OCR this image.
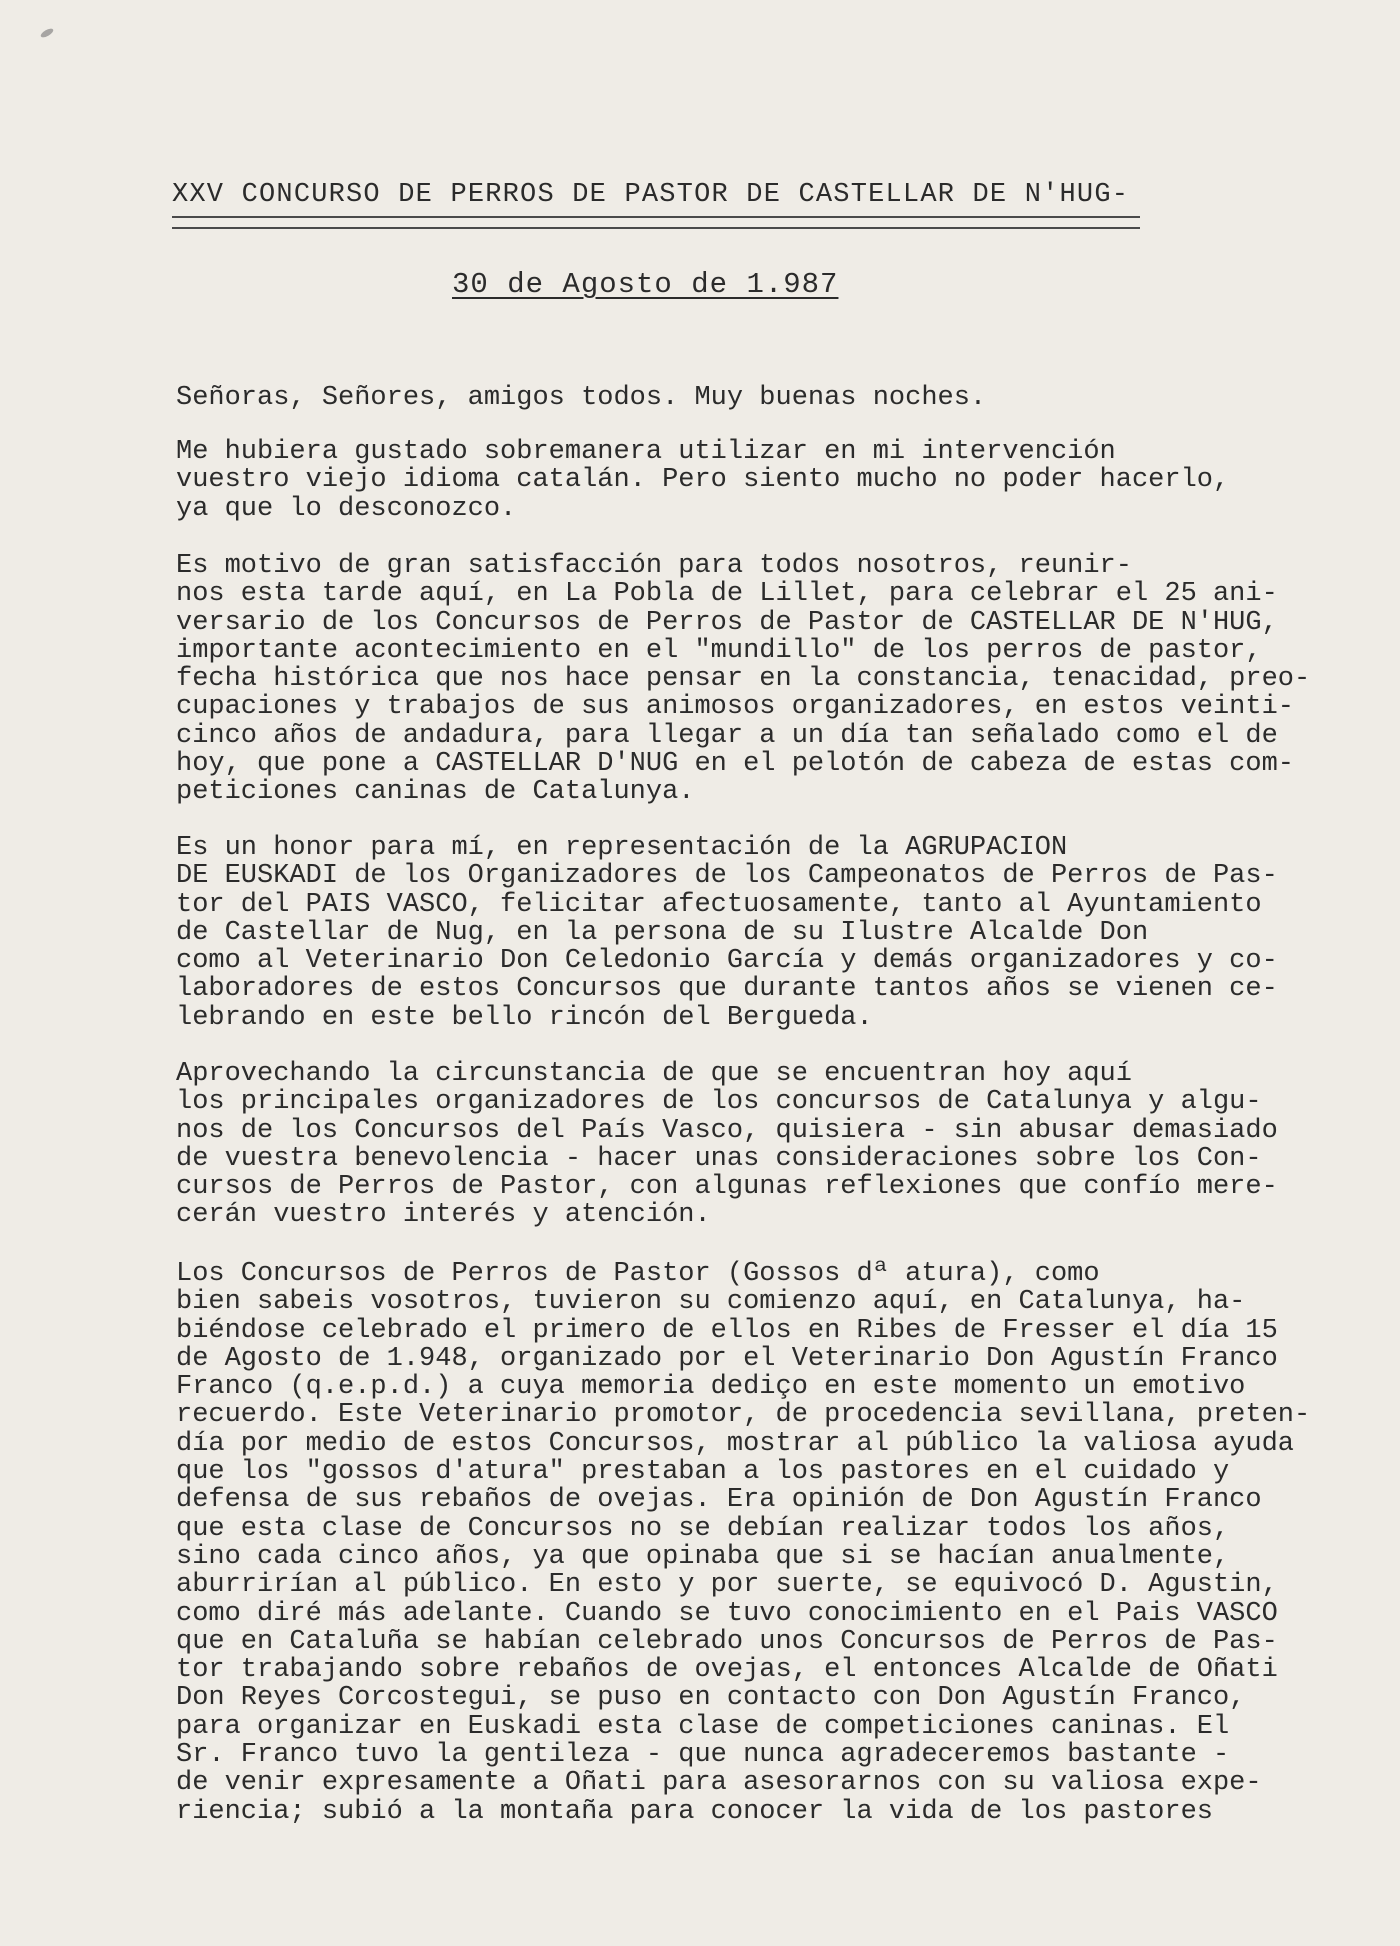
XXV CONCURSO DE PERROS DE PASTOR DE CASTELLAR DE N'HUG-
30 de Agosto de 1.987
Señoras, Señores, amigos todos. Muy buenas noches.

Me hubiera gustado sobremanera utilizar en mi intervención
vuestro viejo idioma catalán. Pero siento mucho no poder hacerlo,
ya que lo desconozco.

Es motivo de gran satisfacción para todos nosotros, reunir-
nos esta tarde aquí, en La Pobla de Lillet, para celebrar el 25 ani-
versario de los Concursos de Perros de Pastor de CASTELLAR DE N'HUG,
importante acontecimiento en el "mundillo" de los perros de pastor,
fecha histórica que nos hace pensar en la constancia, tenacidad, preo-
cupaciones y trabajos de sus animosos organizadores, en estos veinti-
cinco años de andadura, para llegar a un día tan señalado como el de
hoy, que pone a CASTELLAR D'NUG en el pelotón de cabeza de estas com-
peticiones caninas de Catalunya.

Es un honor para mí, en representación de la AGRUPACION
DE EUSKADI de los Organizadores de los Campeonatos de Perros de Pas-
tor del PAIS VASCO, felicitar afectuosamente, tanto al Ayuntamiento
de Castellar de Nug, en la persona de su Ilustre Alcalde Don
como al Veterinario Don Celedonio García y demás organizadores y co-
laboradores de estos Concursos que durante tantos años se vienen ce-
lebrando en este bello rincón del Bergueda.

Aprovechando la circunstancia de que se encuentran hoy aquí
los principales organizadores de los concursos de Catalunya y algu-
nos de los Concursos del País Vasco, quisiera - sin abusar demasiado
de vuestra benevolencia - hacer unas consideraciones sobre los Con-
cursos de Perros de Pastor, con algunas reflexiones que confío mere-
cerán vuestro interés y atención.

Los Concursos de Perros de Pastor (Gossos dª atura), como
bien sabeis vosotros, tuvieron su comienzo aquí, en Catalunya, ha-
biéndose celebrado el primero de ellos en Ribes de Fresser el día 15
de Agosto de 1.948, organizado por el Veterinario Don Agustín Franco
Franco (q.e.p.d.) a cuya memoria dediço en este momento un emotivo
recuerdo. Este Veterinario promotor, de procedencia sevillana, preten-
día por medio de estos Concursos, mostrar al público la valiosa ayuda
que los "gossos d'atura" prestaban a los pastores en el cuidado y
defensa de sus rebaños de ovejas. Era opinión de Don Agustín Franco
que esta clase de Concursos no se debían realizar todos los años,
sino cada cinco años, ya que opinaba que si se hacían anualmente,
aburrirían al público. En esto y por suerte, se equivocó D. Agustin,
como diré más adelante. Cuando se tuvo conocimiento en el Pais VASCO
que en Cataluña se habían celebrado unos Concursos de Perros de Pas-
tor trabajando sobre rebaños de ovejas, el entonces Alcalde de Oñati
Don Reyes Corcostegui, se puso en contacto con Don Agustín Franco,
para organizar en Euskadi esta clase de competiciones caninas. El
Sr. Franco tuvo la gentileza - que nunca agradeceremos bastante -
de venir expresamente a Oñati para asesorarnos con su valiosa expe-
riencia; subió a la montaña para conocer la vida de los pastores
